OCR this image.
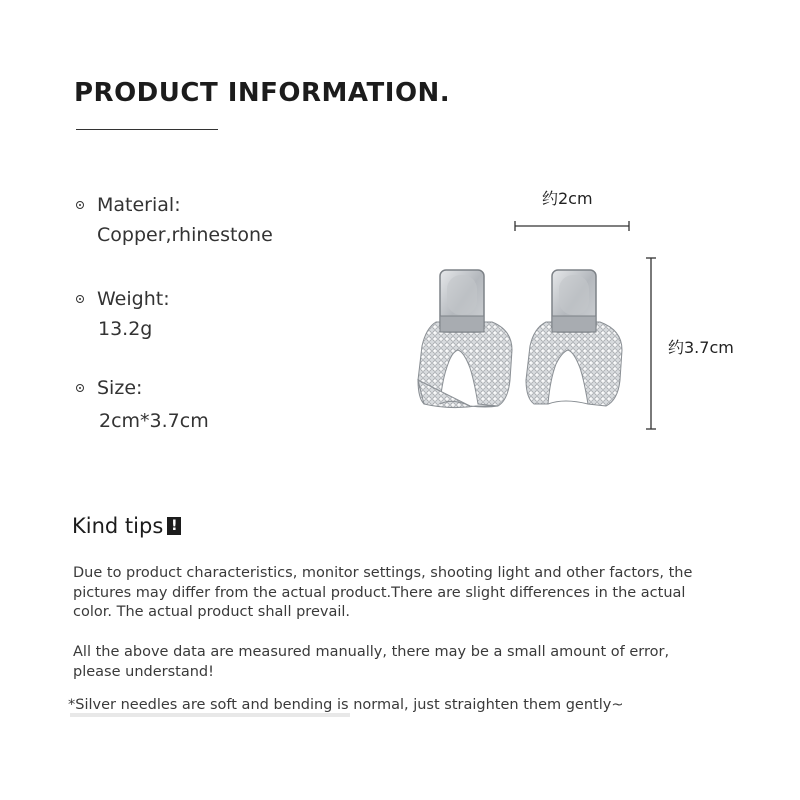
PRODUCT INFORMATION.
Material:
Copper,rhinestone
Weight:
13.2g
Size:
2cm*3.7cm
约2cm
约3.7cm
Kind tips !

Due to product characteristics, monitor settings, shooting light and other factors, the pictures may differ from the actual product.There are slight differences in the actual color. The actual product shall prevail.

All the above data are measured manually, there may be a small amount of error, please understand!

*Silver needles are soft and bending is normal, just straighten them gently~
